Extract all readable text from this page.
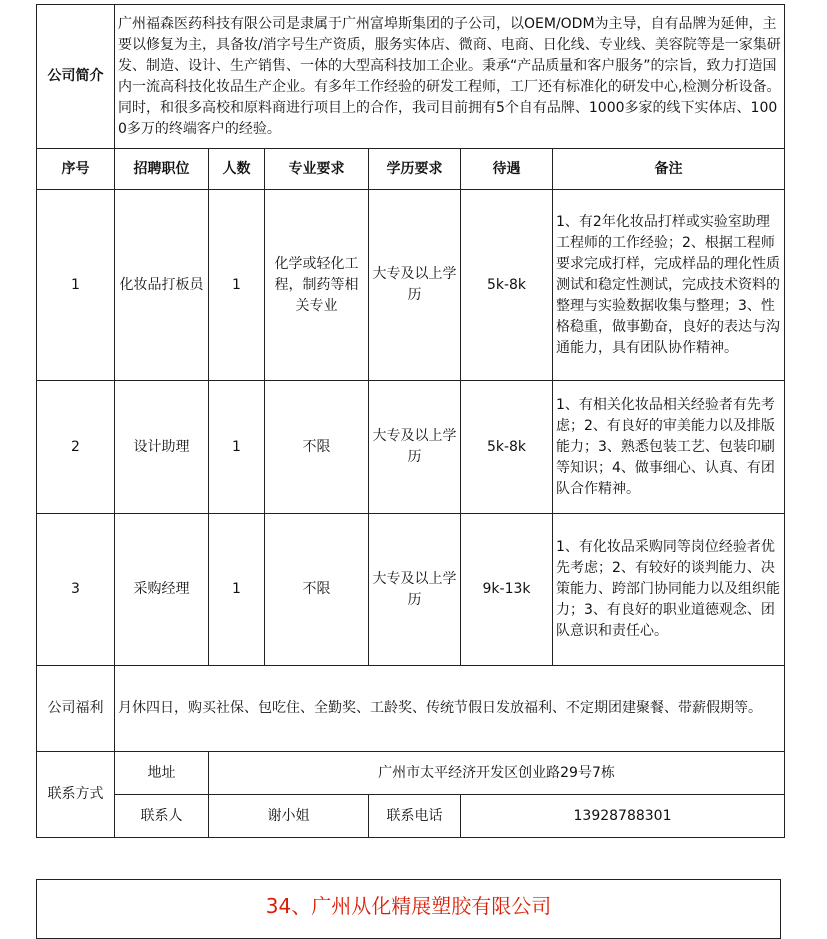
公司简介	广州福森医药科技有限公司是隶属于广州富埠斯集团的子公司，以OEM/ODM为主导，自有品牌为延伸，主要以修复为主，具备妆/消字号生产资质，服务实体店、微商、电商、日化线、专业线、美容院等是一家集研发、制造、设计、生产销售、一体的大型高科技加工企业。秉承“产品质量和客户服务”的宗旨，致力打造国内一流高科技化妆品生产企业。有多年工作经验的研发工程师，工厂还有标准化的研发中心,检测分析设备。同时，和很多高校和原料商进行项目上的合作，我司目前拥有5个自有品牌、1000多家的线下实体店、1000多万的终端客户的经验。					
序号	招聘职位	人数	专业要求	学历要求	待遇	备注
1	化妆品打板员	1	化学或轻化工程，制药等相关专业	大专及以上学历	5k-8k	1、有2年化妆品打样或实验室助理工程师的工作经验；2、根据工程师要求完成打样，完成样品的理化性质测试和稳定性测试，完成技术资料的整理与实验数据收集与整理；3、性格稳重，做事勤奋，良好的表达与沟通能力，具有团队协作精神。
2	设计助理	1	不限	大专及以上学历	5k-8k	1、有相关化妆品相关经验者有先考虑；2、有良好的审美能力以及排版能力；3、熟悉包装工艺、包装印刷等知识；4、做事细心、认真、有团队合作精神。
3	采购经理	1	不限	大专及以上学历	9k-13k	1、有化妆品采购同等岗位经验者优先考虑；2、有较好的谈判能力、决策能力、跨部门协同能力以及组织能力；3、有良好的职业道德观念、团队意识和责任心。
公司福利	月休四日，购买社保、包吃住、全勤奖、工龄奖、传统节假日发放福利、不定期团建聚餐、带薪假期等。					
联系方式	地址	广州市太平经济开发区创业路29号7栋				
	联系人	谢小姐		联系电话	13928788301	
34、广州从化精展塑胶有限公司
